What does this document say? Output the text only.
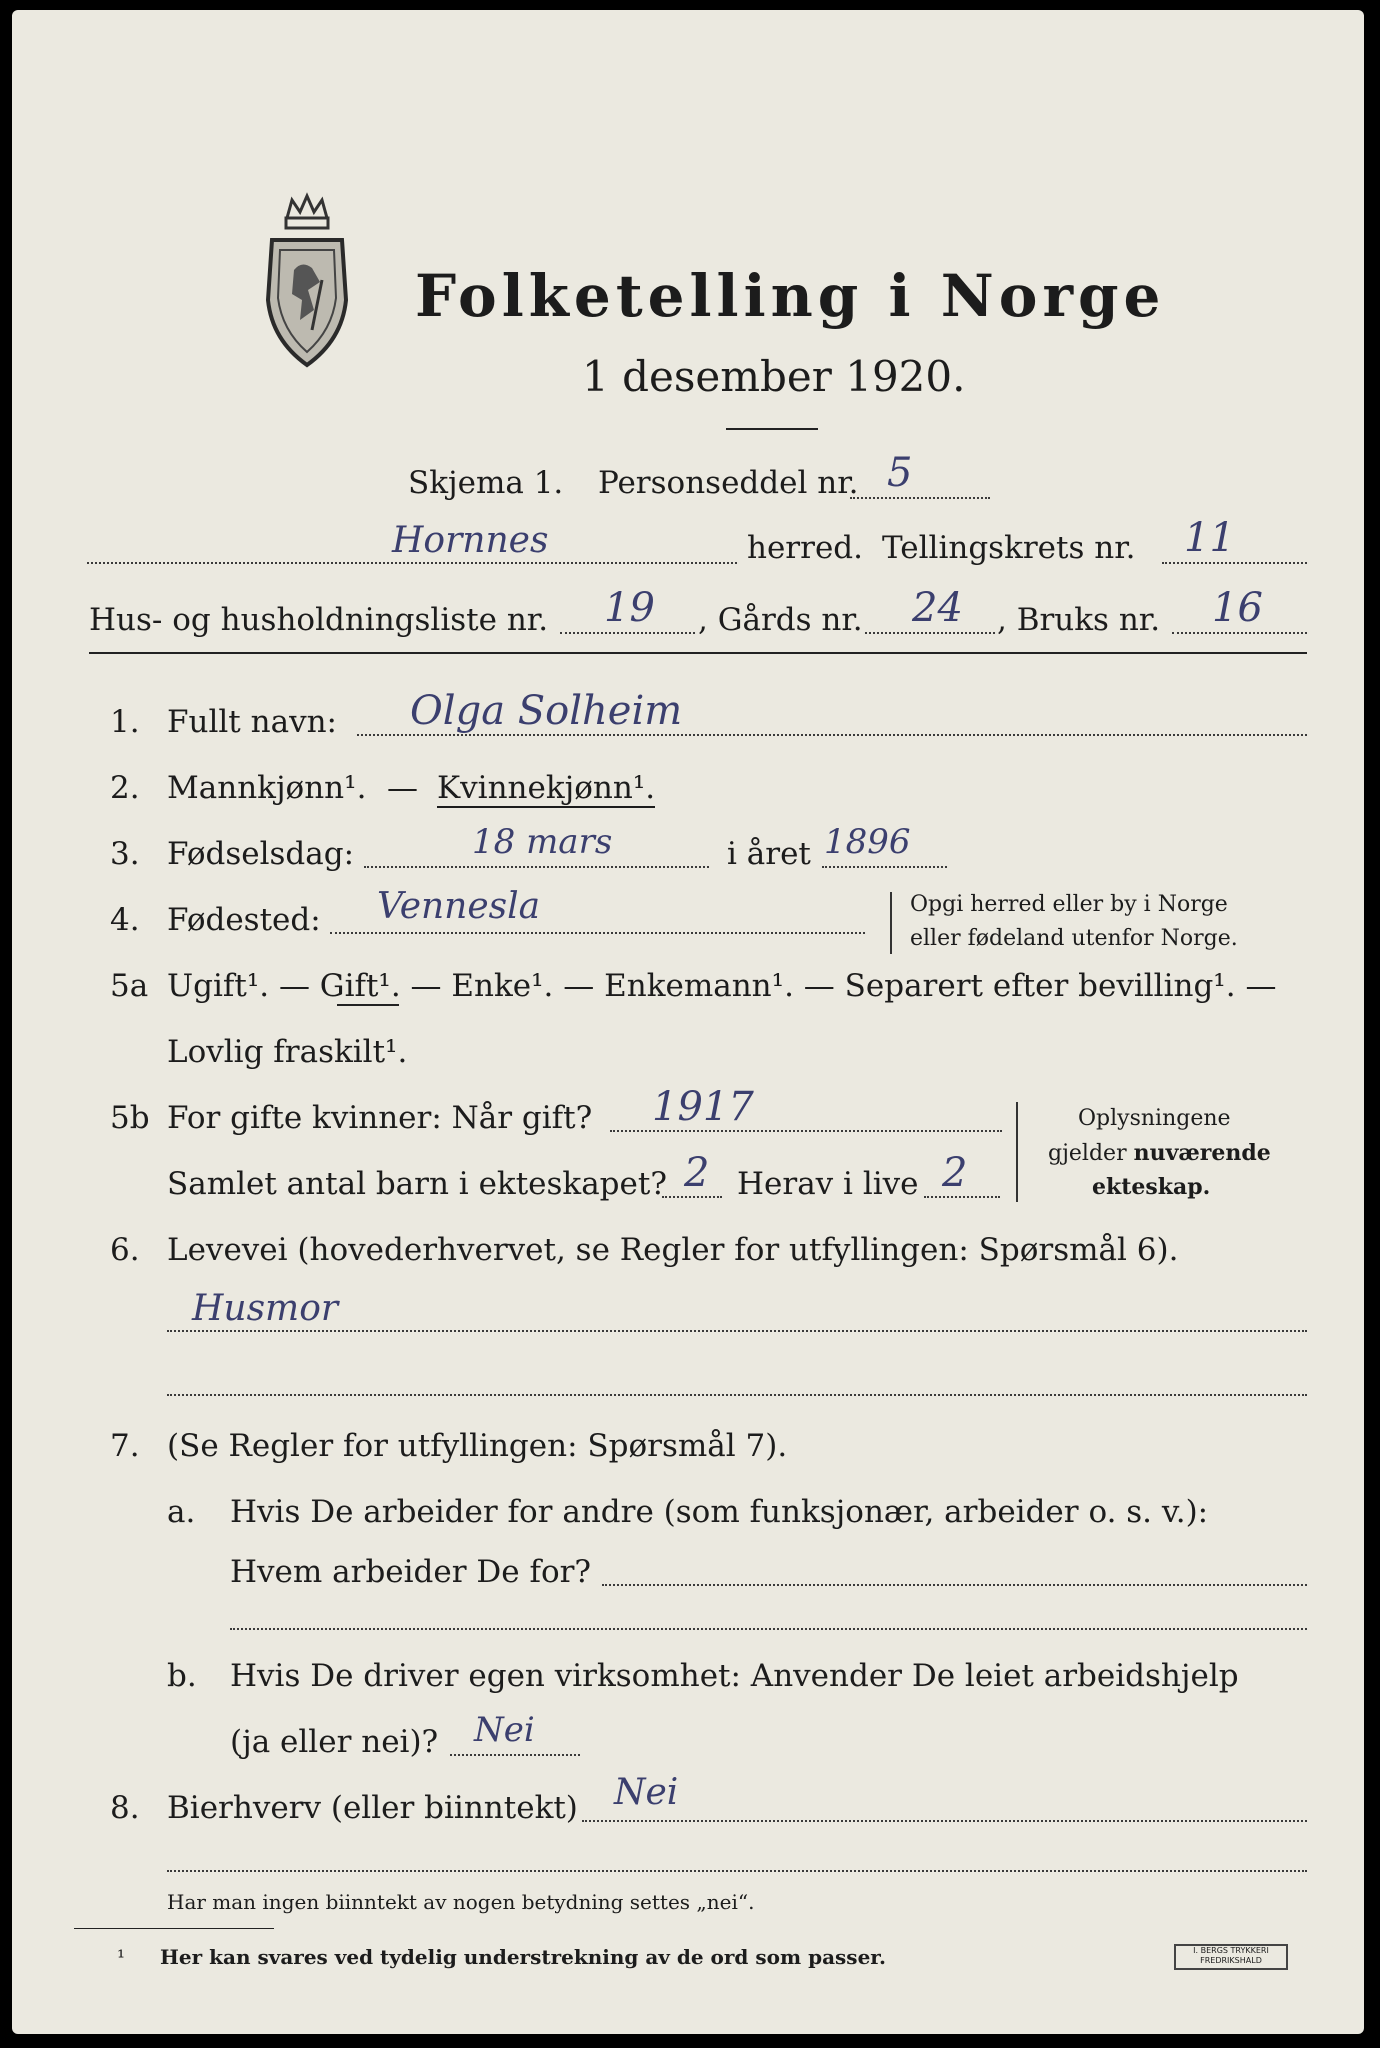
Folketelling i Norge
1 desember 1920.
Skjema 1. Personseddel nr. 5
Hornnes	herred. Tellingskrets nr. 11
Hus- og husholdningsliste nr. 19 , Gårds nr. 24 , Bruks nr. 16
1. Fullt navn: Olga Solheim
2. Mannkjønn¹. — Kvinnekjønn¹.
3. Fødselsdag:	18 mars	i året 1896
4. Fødested: Vennesla	Opgi herred eller by i Norge
eller fødeland utenfor Norge.
5a Ugift¹. — Gift¹. — Enke¹. — Enkemann¹. — Separert efter bevilling¹. —
Lovlig fraskilt¹.
5b For gifte kvinner: Når gift? 1917
Samlet antal barn i ekteskapet? 2 Herav i live 2
Oplysningene
gjelder nuværende
ekteskap.
6. Levevei (hovederhvervet, se Regler for utfyllingen: Spørsmål 6).
Husmor
7. (Se Regler for utfyllingen: Spørsmål 7).
a. Hvis De arbeider for andre (som funksjonær, arbeider o. s. v.):
Hvem arbeider De for?
b. Hvis De driver egen virksomhet: Anvender De leiet arbeidshjelp
(ja eller nei)? Nei
8. Bierhverv (eller biinntekt) Nei
Har man ingen biinntekt av nogen betydning settes „nei“.
¹ Her kan svares ved tydelig understrekning av de ord som passer.	I. BERGS TRYKKERI FREDRIKSHALD
